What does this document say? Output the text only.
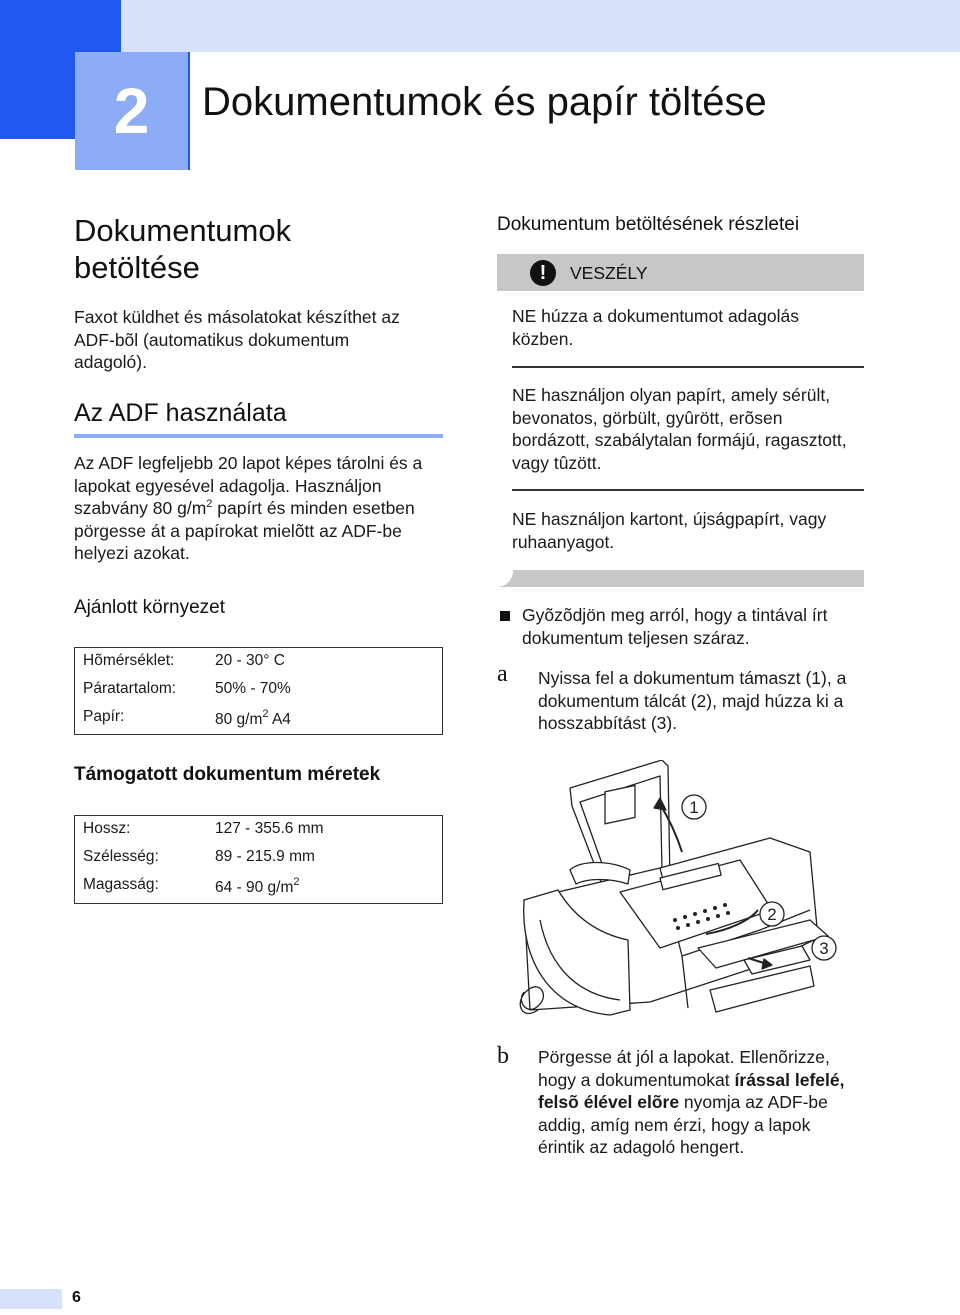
2	Dokumentumok és papír töltése
Dokumentumok
betöltése

Faxot küldhet és másolatokat készíthet az

ADF-bõl (automatikus dokumentum

adagoló).

Az ADF használata

Az ADF legfeljebb 20 lapot képes tárolni és a

lapokat egyesével adagolja. Használjon

szabvány 80 $g/m^2$ papírt és minden esetben

pörgesse át a papírokat mielõtt az ADF-be

helyezi azokat.

Ajánlott környezet
Hõmérséklet:	20 - 30° C
Páratartalom:	50% - 70%
Papír:	80 $g/m^2$ A4
Támogatott dokumentum méretek
Hossz:	127 - 355.6 mm
Szélesség:	89 - 215.9 mm
Magasság:	64 - 90 $g/m^2$
Dokumentum betöltésének részletei
!	VESZÉLY

NE húzza a dokumentumot adagolás

közben.

NE használjon olyan papírt, amely sérült,

bevonatos, görbült, gyûrött, erõsen

bordázott, szabálytalan formájú, ragasztott,

vagy tûzött.

NE használjon kartont, újságpapírt, vagy

ruhaanyagot.

Gyõzõdjön meg arról, hogy a tintával írt

dokumentum teljesen száraz.

a Nyissa fel a dokumentum támaszt (1), a

dokumentum tálcát (2), majd húzza ki a

hosszabbítást (3).

1
2
3
b Pörgesse át jól a lapokat. Ellenõrizze,

hogy a dokumentumokat írással lefelé,

felsõ élével elõre nyomja az ADF-be

addig, amíg nem érzi, hogy a lapok

érintik az adagoló hengert.

6
